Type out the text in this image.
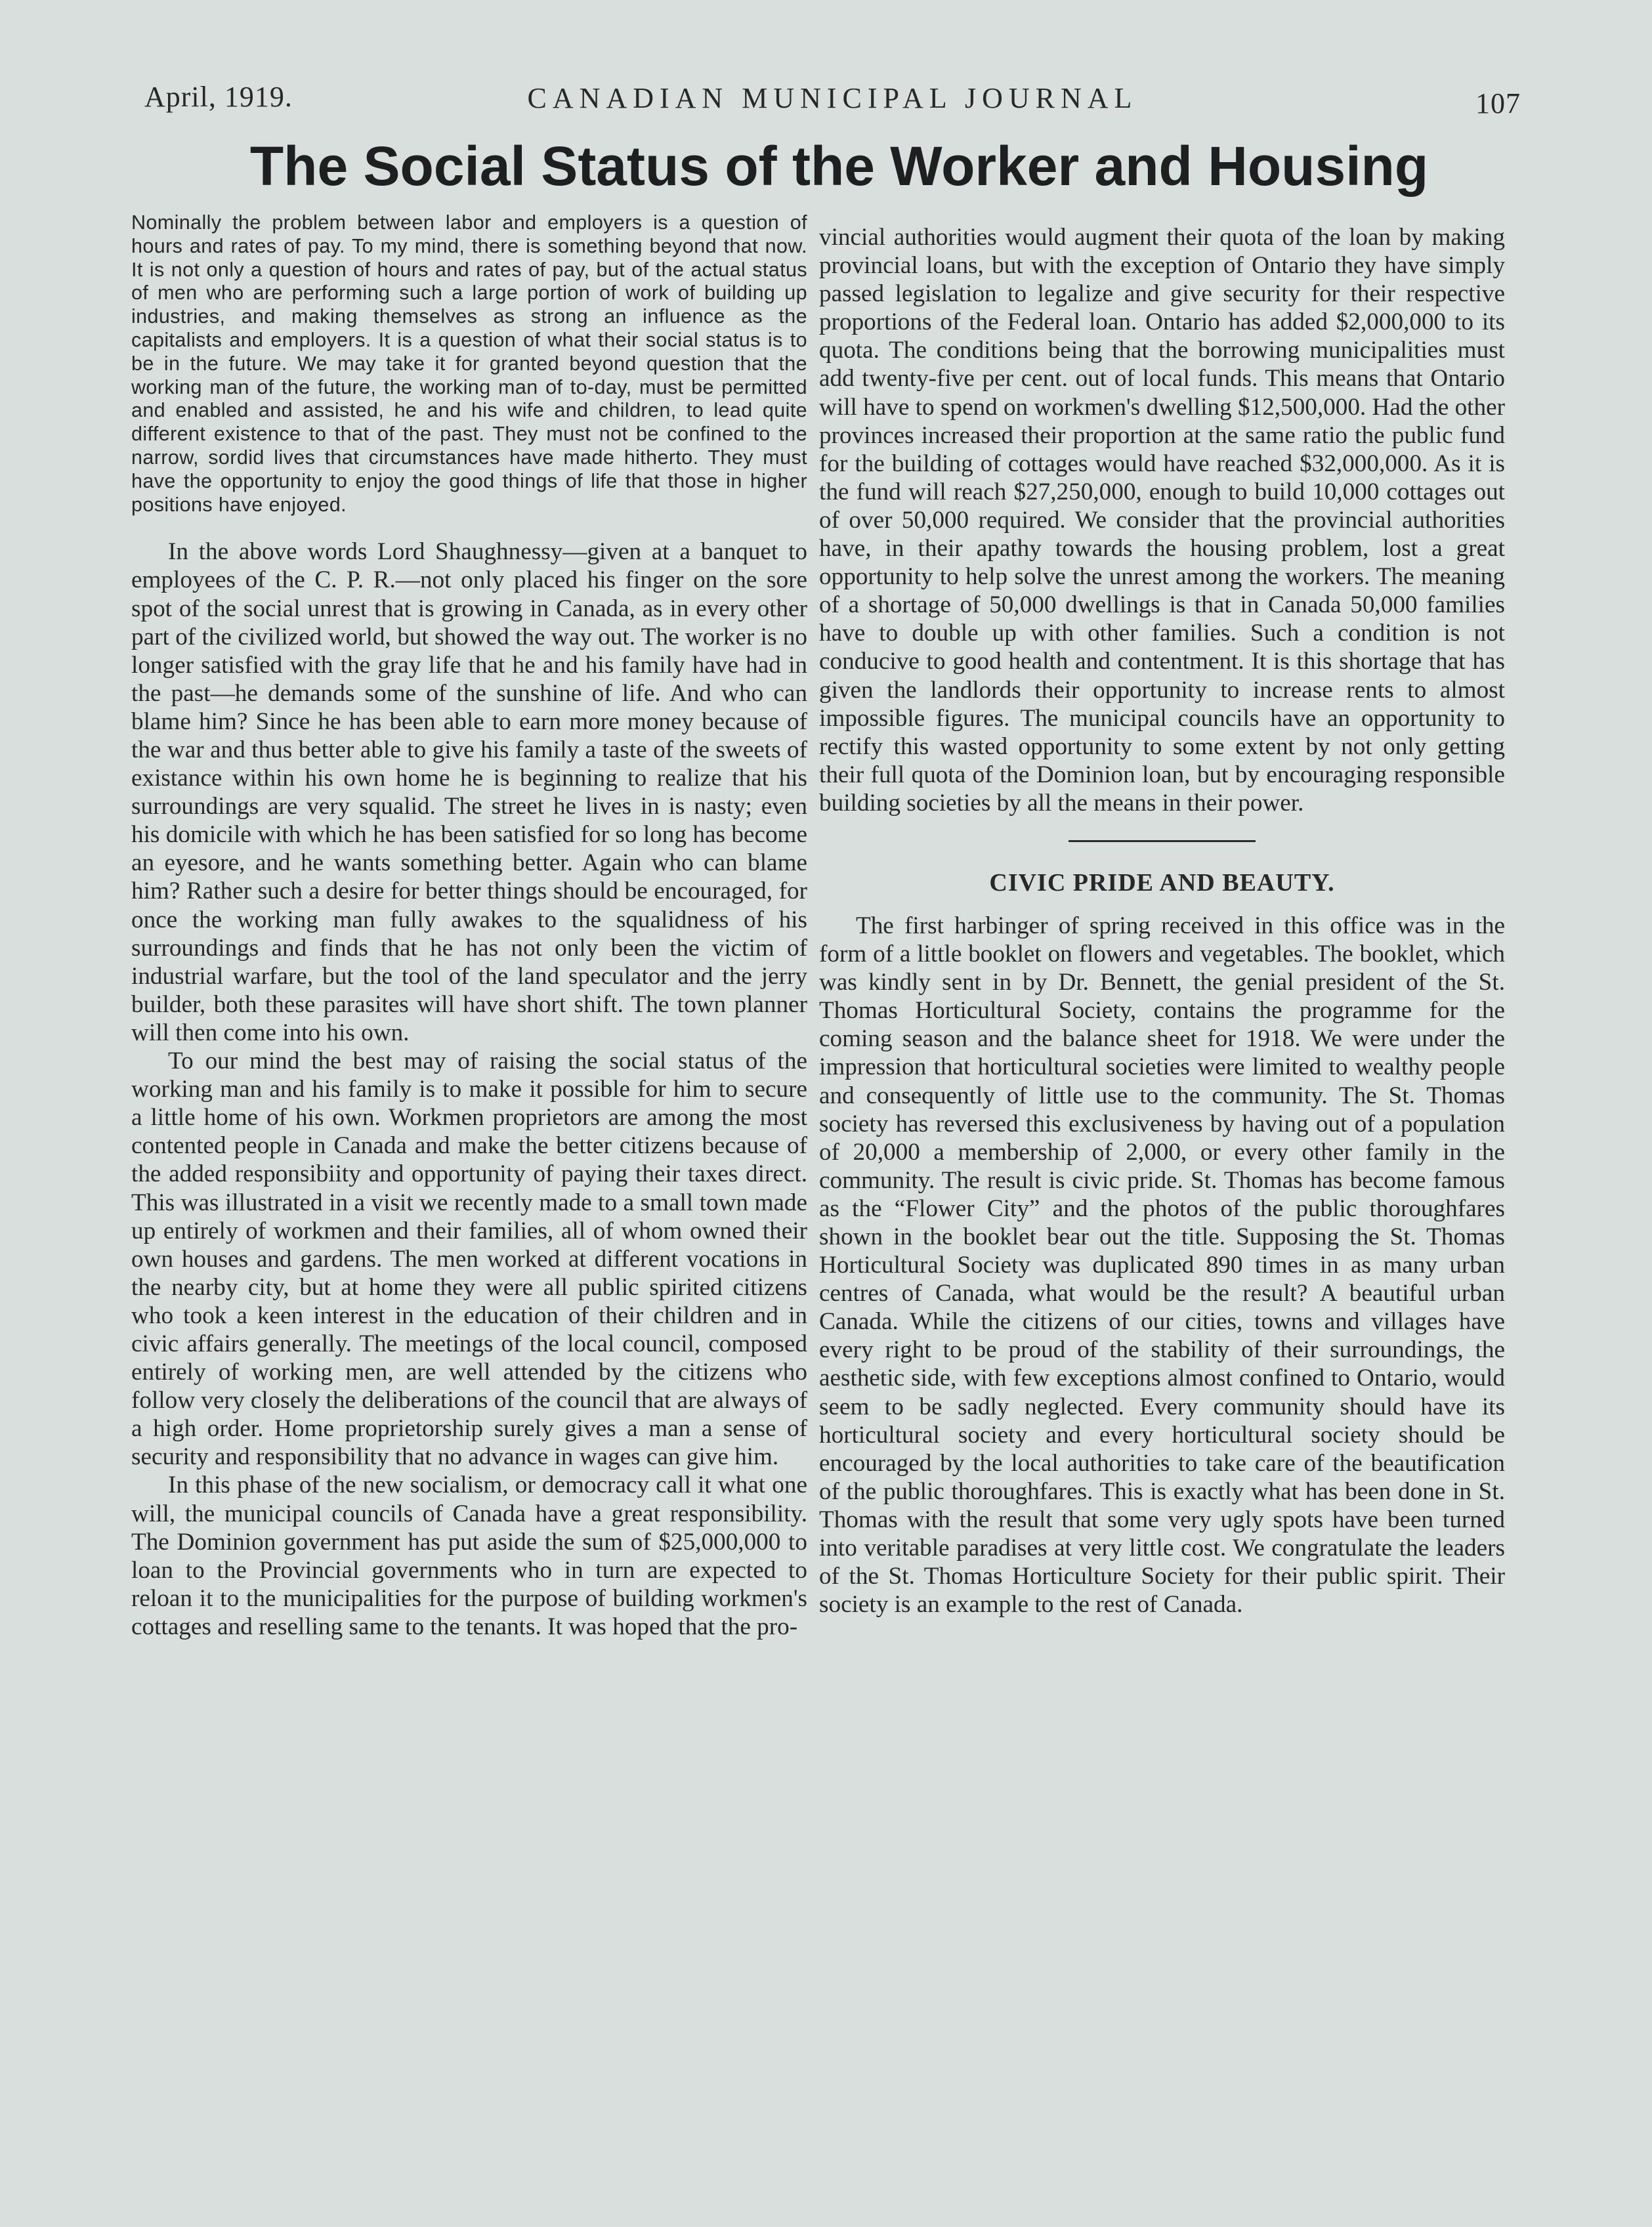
April, 1919.	CANADIAN MUNICIPAL JOURNAL	107
The Social Status of the Worker and Housing

Nominally the problem between labor and employers is a question of hours and rates of pay. To my mind, there is something beyond that now. It is not only a question of hours and rates of pay, but of the actual status of men who are performing such a large portion of work of building up industries, and making themselves as strong an influence as the capitalists and employers. It is a question of what their social status is to be in the future. We may take it for granted beyond question that the working man of the future, the working man of to-day, must be permitted and enabled and assisted, he and his wife and children, to lead quite different existence to that of the past. They must not be confined to the narrow, sordid lives that circumstances have made hitherto. They must have the opportunity to enjoy the good things of life that those in higher positions have enjoyed.

In the above words Lord Shaughnessy—given at a banquet to employees of the C. P. R.—not only placed his finger on the sore spot of the social unrest that is growing in Canada, as in every other part of the civilized world, but showed the way out. The worker is no longer satisfied with the gray life that he and his family have had in the past—he demands some of the sunshine of life. And who can blame him? Since he has been able to earn more money because of the war and thus better able to give his family a taste of the sweets of existance within his own home he is beginning to realize that his surroundings are very squalid. The street he lives in is nasty; even his domicile with which he has been satisfied for so long has become an eyesore, and he wants something better. Again who can blame him? Rather such a desire for better things should be encouraged, for once the working man fully awakes to the squalidness of his surroundings and finds that he has not only been the victim of industrial warfare, but the tool of the land speculator and the jerry builder, both these parasites will have short shift. The town planner will then come into his own.

To our mind the best may of raising the social status of the working man and his family is to make it possible for him to secure a little home of his own. Workmen proprietors are among the most contented people in Canada and make the better citizens because of the added responsibiity and opportunity of paying their taxes direct. This was illustrated in a visit we recently made to a small town made up entirely of workmen and their families, all of whom owned their own houses and gardens. The men worked at different vocations in the nearby city, but at home they were all public spirited citizens who took a keen interest in the education of their children and in civic affairs generally. The meetings of the local council, composed entirely of working men, are well attended by the citizens who follow very closely the deliberations of the council that are always of a high order. Home proprietorship surely gives a man a sense of security and responsibility that no advance in wages can give him.

In this phase of the new socialism, or democracy call it what one will, the municipal councils of Canada have a great responsibility. The Dominion government has put aside the sum of $25,000,000 to loan to the Provincial governments who in turn are expected to reloan it to the municipalities for the purpose of building workmen's cottages and reselling same to the tenants. It was hoped that the pro-

vincial authorities would augment their quota of the loan by making provincial loans, but with the exception of Ontario they have simply passed legislation to legalize and give security for their respective proportions of the Federal loan. Ontario has added $2,000,000 to its quota. The conditions being that the borrowing municipalities must add twenty-five per cent. out of local funds. This means that Ontario will have to spend on workmen's dwelling $12,500,000. Had the other provinces increased their proportion at the same ratio the public fund for the building of cottages would have reached $32,000,000. As it is the fund will reach $27,250,000, enough to build 10,000 cottages out of over 50,000 required. We consider that the provincial authorities have, in their apathy towards the housing problem, lost a great opportunity to help solve the unrest among the workers. The meaning of a shortage of 50,000 dwellings is that in Canada 50,000 families have to double up with other families. Such a condition is not conducive to good health and contentment. It is this shortage that has given the landlords their opportunity to increase rents to almost impossible figures. The municipal councils have an opportunity to rectify this wasted opportunity to some extent by not only getting their full quota of the Dominion loan, but by encouraging responsible building societies by all the means in their power.

CIVIC PRIDE AND BEAUTY.

The first harbinger of spring received in this office was in the form of a little booklet on flowers and vegetables. The booklet, which was kindly sent in by Dr. Bennett, the genial president of the St. Thomas Horticultural Society, contains the programme for the coming season and the balance sheet for 1918. We were under the impression that horticultural societies were limited to wealthy people and consequently of little use to the community. The St. Thomas society has reversed this exclusiveness by having out of a population of 20,000 a membership of 2,000, or every other family in the community. The result is civic pride. St. Thomas has become famous as the “Flower City” and the photos of the public thoroughfares shown in the booklet bear out the title. Supposing the St. Thomas Horticultural Society was duplicated 890 times in as many urban centres of Canada, what would be the result? A beautiful urban Canada. While the citizens of our cities, towns and villages have every right to be proud of the stability of their surroundings, the aesthetic side, with few exceptions almost confined to Ontario, would seem to be sadly neglected. Every community should have its horticultural society and every horticultural society should be encouraged by the local authorities to take care of the beautification of the public thoroughfares. This is exactly what has been done in St. Thomas with the result that some very ugly spots have been turned into veritable paradises at very little cost. We congratulate the leaders of the St. Thomas Horticulture Society for their public spirit. Their society is an example to the rest of Canada.
